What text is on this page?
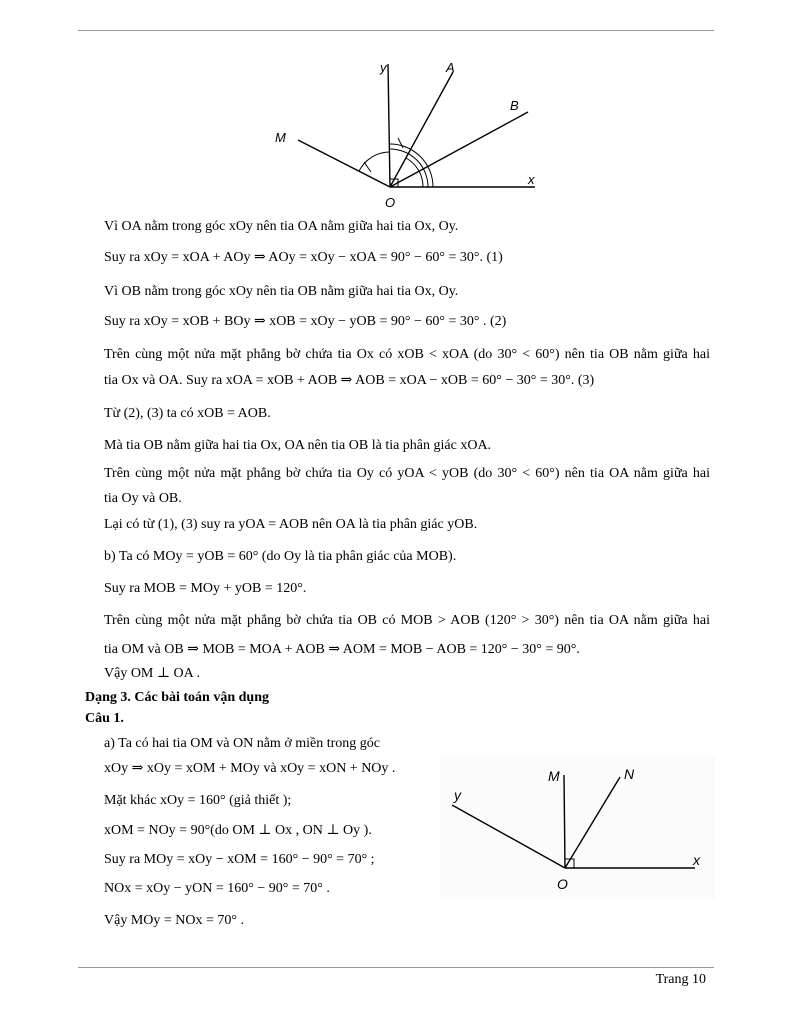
y	A
B
M
x
O
Vì OA nằm trong góc xOy nên tia OA nằm giữa hai tia Ox, Oy.
Suy ra xOy = xOA + AOy ⇒ AOy = xOy − xOA = 90° − 60° = 30°. (1)
Vì OB nằm trong góc xOy nên tia OB nằm giữa hai tia Ox, Oy.
Suy ra xOy = xOB + BOy ⇒ xOB = xOy − yOB = 90° − 60° = 30° . (2)
Trên cùng một nửa mặt phẳng bờ chứa tia Ox có xOB < xOA (do 30° < 60°) nên tia OB nằm giữa hai
tia Ox và OA. Suy ra xOA = xOB + AOB ⇒ AOB = xOA − xOB = 60° − 30° = 30°. (3)
Từ (2), (3) ta có xOB = AOB.
Mà tia OB nằm giữa hai tia Ox, OA nên tia OB là tia phân giác xOA.
Trên cùng một nửa mặt phẳng bờ chứa tia Oy có yOA < yOB (do 30° < 60°) nên tia OA nằm giữa hai
tia Oy và OB.
Lại có từ (1), (3) suy ra yOA = AOB nên OA là tia phân giác yOB.
b) Ta có MOy = yOB = 60° (do Oy là tia phân giác của MOB).
Suy ra MOB = MOy + yOB = 120°.
Trên cùng một nửa mặt phẳng bờ chứa tia OB có MOB > AOB (120° > 30°) nên tia OA nằm giữa hai
tia OM và OB ⇒ MOB = MOA + AOB ⇒ AOM = MOB − AOB = 120° − 30° = 90°.
Vậy OM ⊥ OA .
Dạng 3. Các bài toán vận dụng
Câu 1.
a) Ta có hai tia OM và ON nằm ở miền trong góc
xOy ⇒ xOy = xOM + MOy và xOy = xON + NOy .
Mặt khác xOy = 160° (giả thiết );
xOM = NOy = 90°(do OM ⊥ Ox , ON ⊥ Oy ).
Suy ra MOy = xOy − xOM = 160° − 90° = 70° ;
NOx = xOy − yON = 160° − 90° = 70° .
Vậy MOy = NOx = 70° .
y
M	N
x
O
Trang 10
